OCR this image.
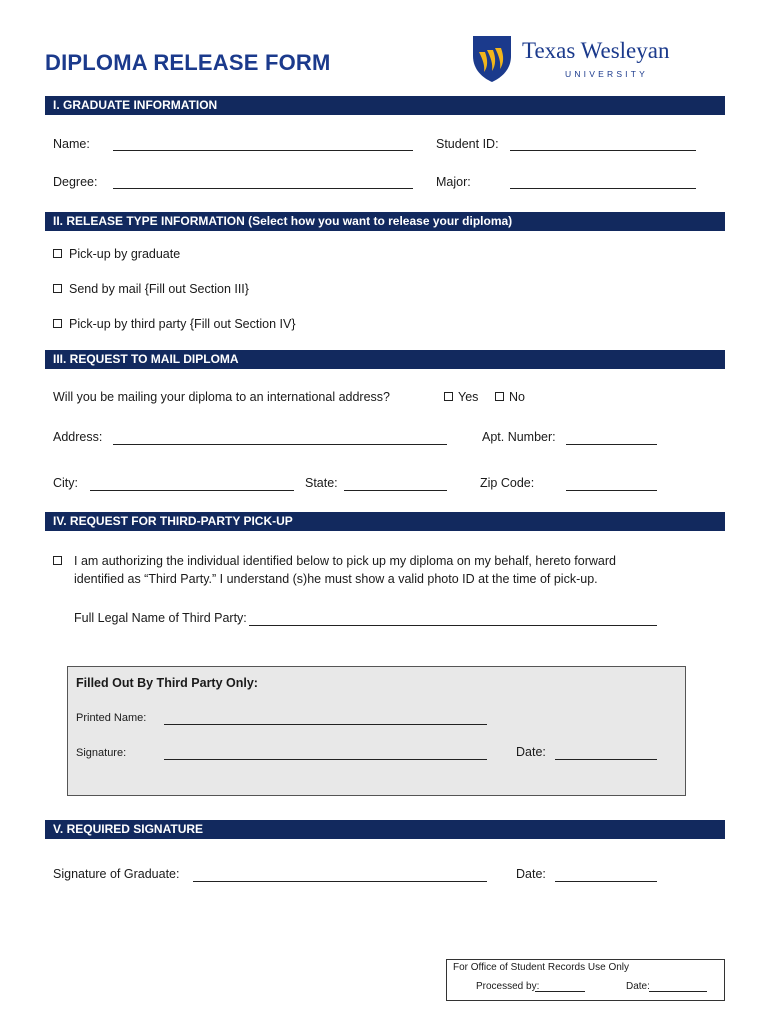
DIPLOMA RELEASE FORM	Texas Wesleyan
UNIVERSITY
I. GRADUATE INFORMATION
Name:	Student ID:
Degree:	Major:
II. RELEASE TYPE INFORMATION (Select how you want to release your diploma)
Pick-up by graduate
Send by mail {Fill out Section III}
Pick-up by third party {Fill out Section IV}
III. REQUEST TO MAIL DIPLOMA
Will you be mailing your diploma to an international address?	Yes	No
Address:	Apt. Number:
City:	State:	Zip Code:
IV. REQUEST FOR THIRD-PARTY PICK-UP
I am authorizing the individual identified below to pick up my diploma on my behalf, hereto forward
identified as “Third Party.” I understand (s)he must show a valid photo ID at the time of pick-up.
Full Legal Name of Third Party:
Filled Out By Third Party Only:
Printed Name:
Signature:	Date:
V. REQUIRED SIGNATURE
Signature of Graduate:	Date:
For Office of Student Records Use Only
Processed by:	Date:
